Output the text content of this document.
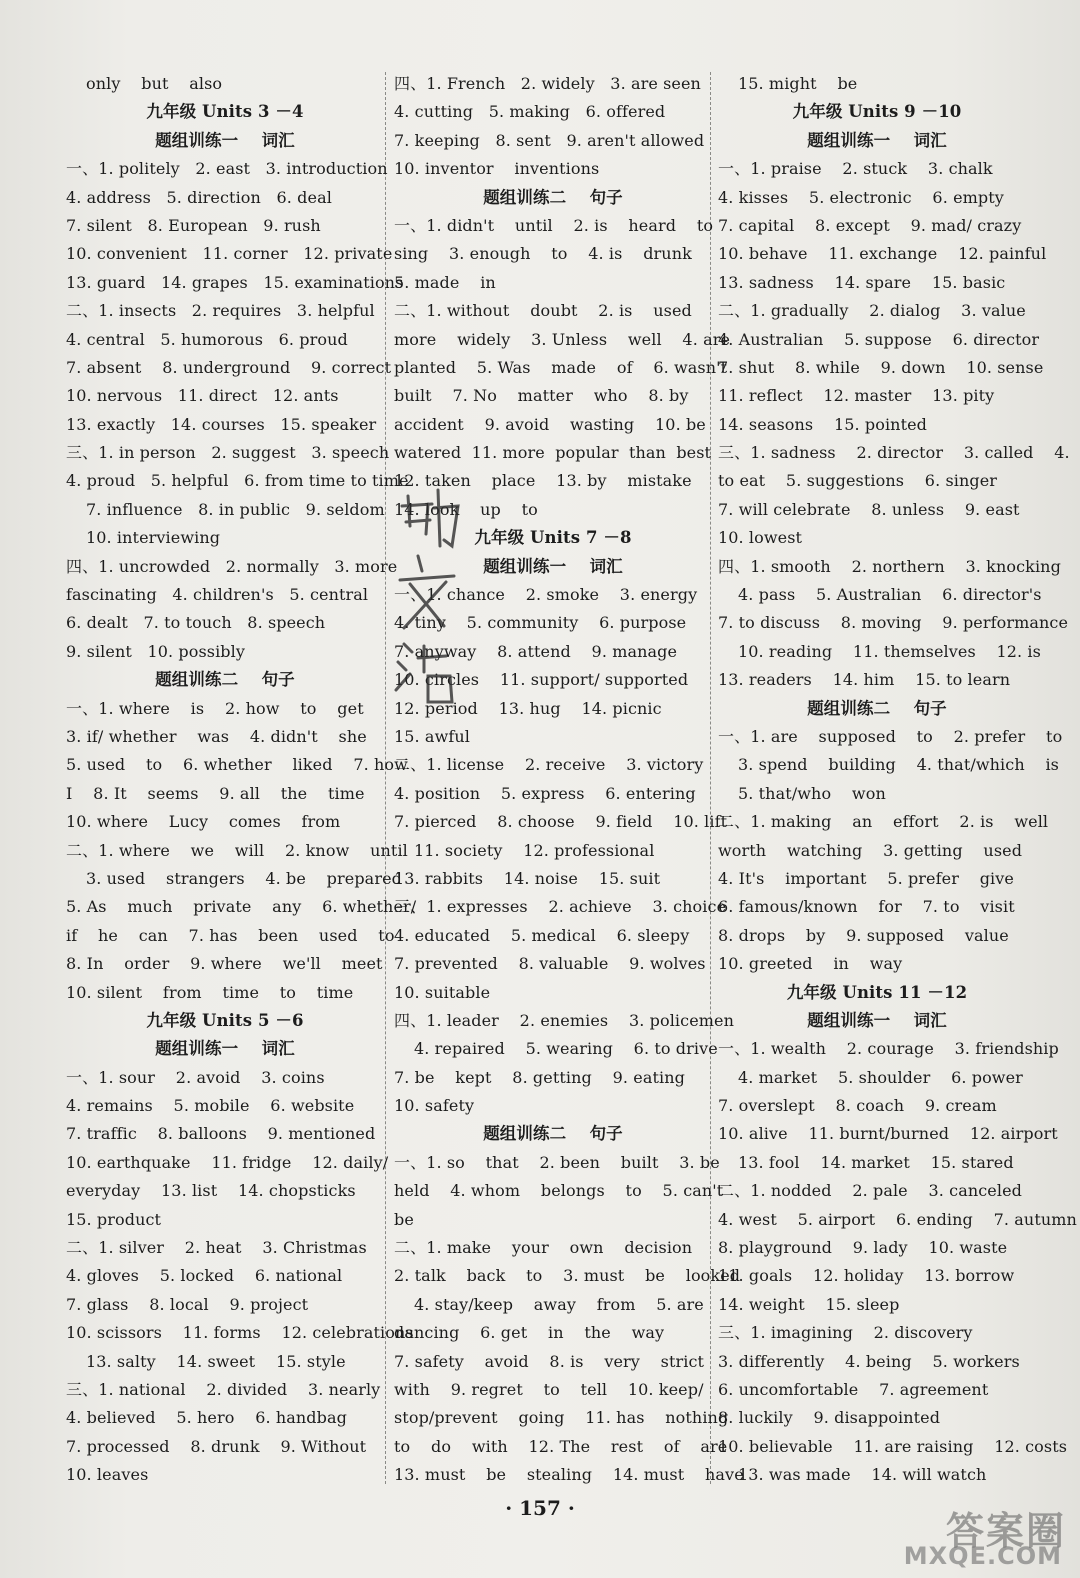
only    but    also
九年级 Units 3 －4
题组训练一    词汇
一、1. politely   2. east   3. introduction
4. address   5. direction   6. deal
7. silent   8. European   9. rush
10. convenient   11. corner   12. private
13. guard   14. grapes   15. examinations
二、1. insects   2. requires   3. helpful
4. central   5. humorous   6. proud
7. absent    8. underground    9. correct
10. nervous   11. direct   12. ants
13. exactly   14. courses   15. speaker
三、1. in person   2. suggest   3. speech
4. proud   5. helpful   6. from time to time
7. influence   8. in public   9. seldom
10. interviewing
四、1. uncrowded   2. normally   3. more
fascinating   4. children's   5. central
6. dealt   7. to touch   8. speech
9. silent   10. possibly
题组训练二    句子
一、1. where    is    2. how    to    get
3. if/ whether    was    4. didn't    she
5. used    to    6. whether    liked    7. how
I    8. It    seems    9. all    the    time
10. where    Lucy    comes    from
二、1. where    we    will    2. know    until
3. used    strangers    4. be    prepared
5. As    much    private    any    6. whether/
if    he    can    7. has    been    used    to
8. In    order    9. where    we'll    meet
10. silent    from    time    to    time
九年级 Units 5 －6
题组训练一    词汇
一、1. sour    2. avoid    3. coins
4. remains    5. mobile    6. website
7. traffic    8. balloons    9. mentioned
10. earthquake    11. fridge    12. daily/
everyday    13. list    14. chopsticks
15. product
二、1. silver    2. heat    3. Christmas
4. gloves    5. locked    6. national
7. glass    8. local    9. project
10. scissors    11. forms    12. celebrations
13. salty    14. sweet    15. style
三、1. national    2. divided    3. nearly
4. believed    5. hero    6. handbag
7. processed    8. drunk    9. Without
10. leaves
四、1. French   2. widely   3. are seen
4. cutting   5. making   6. offered
7. keeping   8. sent   9. aren't allowed
10. inventor    inventions
题组训练二    句子
一、1. didn't    until    2. is    heard    to
sing    3. enough    to    4. is    drunk
5. made    in
二、1. without    doubt    2. is    used
more    widely    3. Unless    well    4. are
planted    5. Was    made    of    6. wasn't
built    7. No    matter    who    8. by
accident    9. avoid    wasting    10. be
watered  11. more  popular  than  best
12. taken    place    13. by    mistake
14. look    up    to
九年级 Units 7 －8
题组训练一    词汇
一、1. chance    2. smoke    3. energy
4. tiny    5. community    6. purpose
7. anyway    8. attend    9. manage
10. circles    11. support/ supported
12. period    13. hug    14. picnic
15. awful
二、1. license    2. receive    3. victory
4. position    5. express    6. entering
7. pierced    8. choose    9. field    10. lift
11. society    12. professional
13. rabbits    14. noise    15. suit
三、1. expresses    2. achieve    3. choice
4. educated    5. medical    6. sleepy
7. prevented    8. valuable    9. wolves
10. suitable
四、1. leader    2. enemies    3. policemen
4. repaired    5. wearing    6. to drive
7. be    kept    8. getting    9. eating
10. safety
题组训练二    句子
一、1. so    that    2. been    built    3. be
held    4. whom    belongs    to    5. can't
be
二、1. make    your    own    decision
2. talk    back    to    3. must    be    looked
4. stay/keep    away    from    5. are
dancing    6. get    in    the    way
7. safety    avoid    8. is    very    strict
with    9. regret    to    tell    10. keep/
stop/prevent    going    11. has    nothing
to    do    with    12. The    rest    of    are
13. must    be    stealing    14. must    have
15. might    be
九年级 Units 9 －10
题组训练一    词汇
一、1. praise    2. stuck    3. chalk
4. kisses    5. electronic    6. empty
7. capital    8. except    9. mad/ crazy
10. behave    11. exchange    12. painful
13. sadness    14. spare    15. basic
二、1. gradually    2. dialog    3. value
4. Australian    5. suppose    6. director
7. shut    8. while    9. down    10. sense
11. reflect    12. master    13. pity
14. seasons    15. pointed
三、1. sadness    2. director    3. called    4.
to eat    5. suggestions    6. singer
7. will celebrate    8. unless    9. east
10. lowest
四、1. smooth    2. northern    3. knocking
4. pass    5. Australian    6. director's
7. to discuss    8. moving    9. performance
10. reading    11. themselves    12. is
13. readers    14. him    15. to learn
题组训练二    句子
一、1. are    supposed    to    2. prefer    to
3. spend    building    4. that/which    is
5. that/who    won
二、1. making    an    effort    2. is    well
worth    watching    3. getting    used
4. It's    important    5. prefer    give
6. famous/known    for    7. to    visit
8. drops    by    9. supposed    value
10. greeted    in    way
九年级 Units 11 －12
题组训练一    词汇
一、1. wealth    2. courage    3. friendship
4. market    5. shoulder    6. power
7. overslept    8. coach    9. cream
10. alive    11. burnt/burned    12. airport
13. fool    14. market    15. stared
二、1. nodded    2. pale    3. canceled
4. west    5. airport    6. ending    7. autumn
8. playground    9. lady    10. waste
11. goals    12. holiday    13. borrow
14. weight    15. sleep
三、1. imagining    2. discovery
3. differently    4. being    5. workers
6. uncomfortable    7. agreement
8. luckily    9. disappointed
10. believable    11. are raising    12. costs
13. was made    14. will watch
· 157 ·
答案圈
MXQE.COM
